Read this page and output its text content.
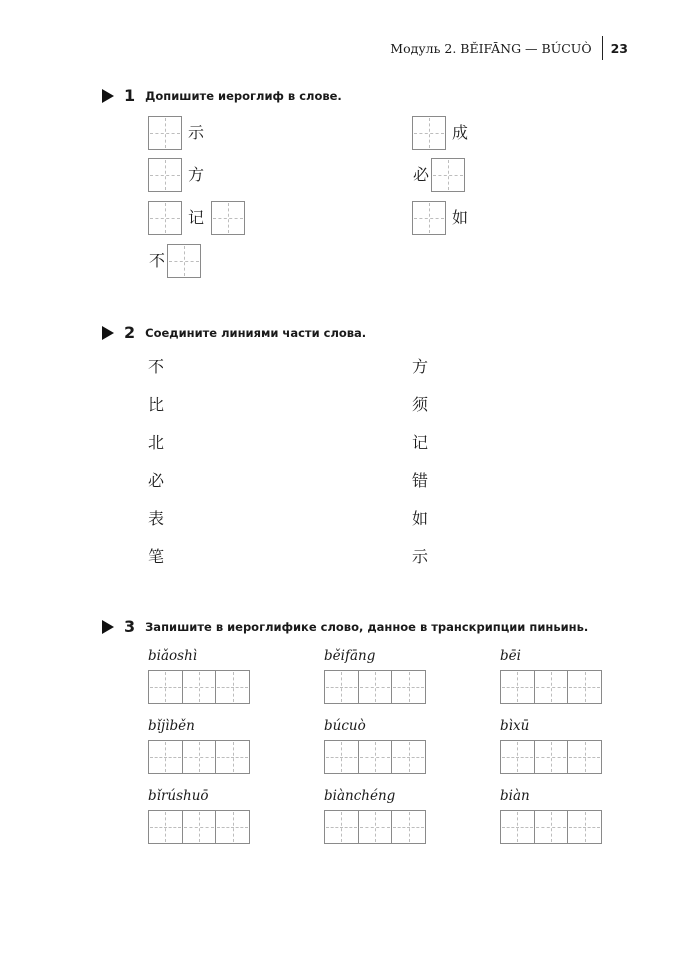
Модуль 2. BĚIFĀNG — BÚCUÒ 23
1 Допишите иероглиф в слове.
示
方
记
不
成
必
如
2 Соедините линиями части слова.
不
比
北
必
表
笔
方
须
记
错
如
示
3 Запишите в иероглифике слово, данное в транскрипции пиньинь.
biǎoshì	běifāng	bēi
bǐjìběn	búcuò	bìxū
bǐrúshuō	biànchéng	biàn
